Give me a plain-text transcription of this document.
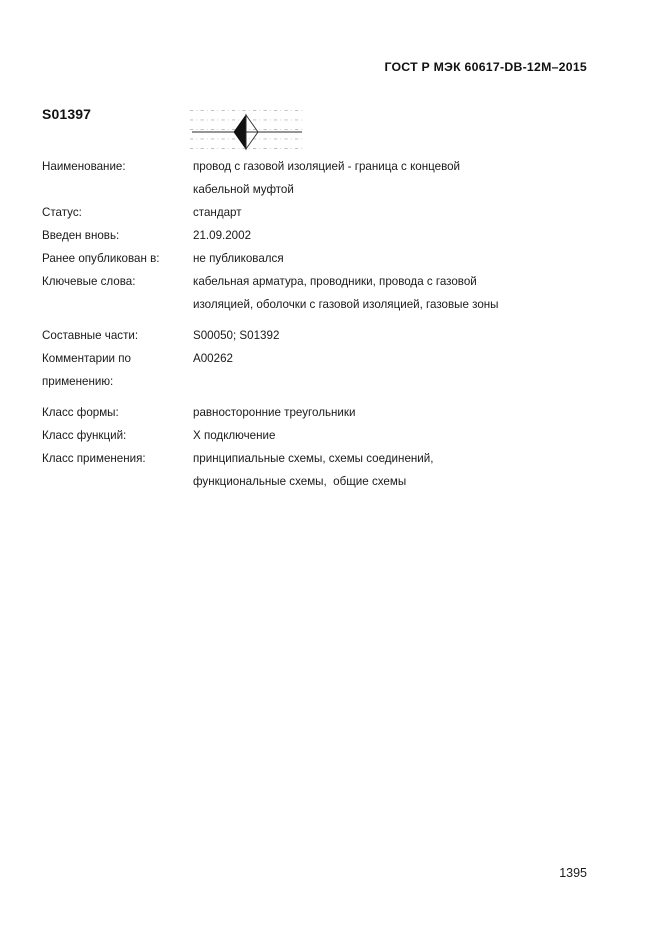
ГОСТ Р МЭК 60617-DB-12M–2015
S01397
Наименование:	провод с газовой изоляцией - граница с концевой
кабельной муфтой
Статус:	стандарт
Введен вновь:	21.09.2002
Ранее опубликован в:	не публиковался
Ключевые слова:	кабельная арматура, проводники, провода с газовой
изоляцией, оболочки с газовой изоляцией, газовые зоны
Составные части:	S00050; S01392
Комментарии по
применению:
A00262
Класс формы:	равносторонние треугольники
Класс функций:	X подключение
Класс применения:	принципиальные схемы, схемы соединений,
функциональные схемы,  общие схемы
1395
